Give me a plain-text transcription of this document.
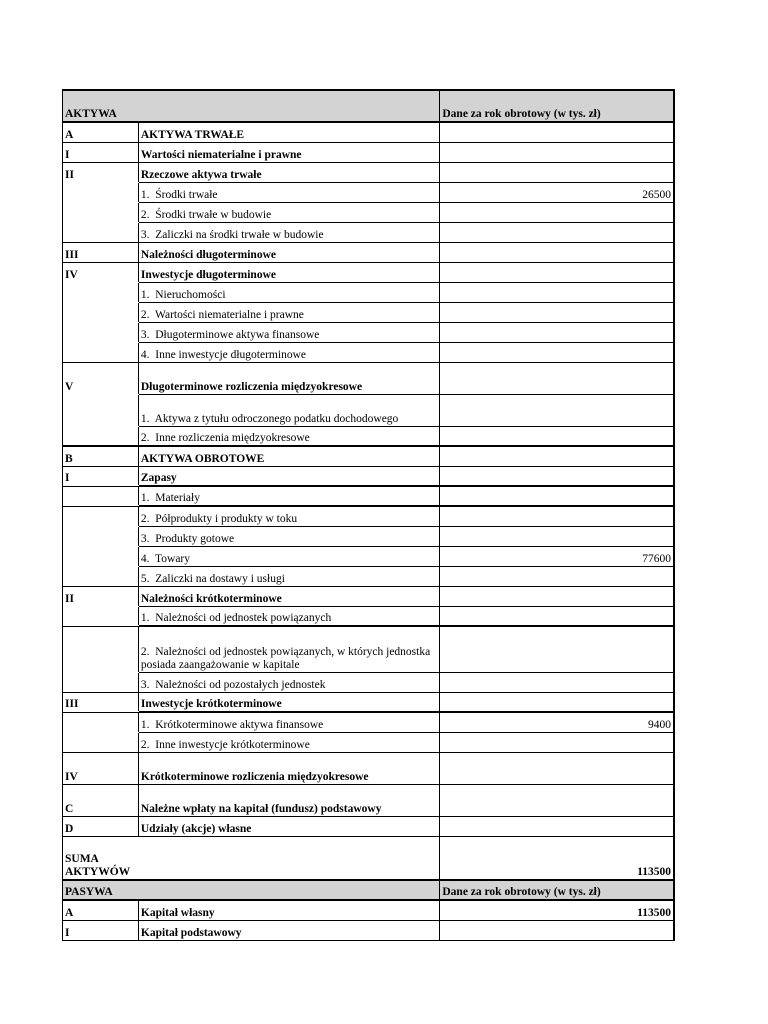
AKTYWA	Dane za rok obrotowy (w tys. zł)
A	AKTYWA TRWAŁE
I	Wartości niematerialne i prawne
II	Rzeczowe aktywa trwałe
1.  Środki trwałe	26500
2.  Środki trwałe w budowie
3.  Zaliczki na środki trwałe w budowie
III	Należności długoterminowe
IV	Inwestycje długoterminowe
1.  Nieruchomości
2.  Wartości niematerialne i prawne
3.  Długoterminowe aktywa finansowe
4.  Inne inwestycje długoterminowe
V	Długoterminowe rozliczenia międzyokresowe
1.  Aktywa z tytułu odroczonego podatku dochodowego
2.  Inne rozliczenia międzyokresowe
B	AKTYWA OBROTOWE
I	Zapasy
1.  Materiały
2.  Półprodukty i produkty w toku
3.  Produkty gotowe
4.  Towary	77600
5.  Zaliczki na dostawy i usługi
II	Należności krótkoterminowe
1.  Należności od jednostek powiązanych
2.  Należności od jednostek powiązanych, w których jednostka posiada zaangażowanie w kapitale
3.  Należności od pozostałych jednostek
III	Inwestycje krótkoterminowe
1.  Krótkoterminowe aktywa finansowe	9400
2.  Inne inwestycje krótkoterminowe
IV	Krótkoterminowe rozliczenia międzyokresowe
C	Należne wpłaty na kapitał (fundusz) podstawowy
D	Udziały (akcje) własne
SUMA
AKTYWÓW	113500
PASYWA	Dane za rok obrotowy (w tys. zł)
A	Kapitał własny	113500
I	Kapitał podstawowy
